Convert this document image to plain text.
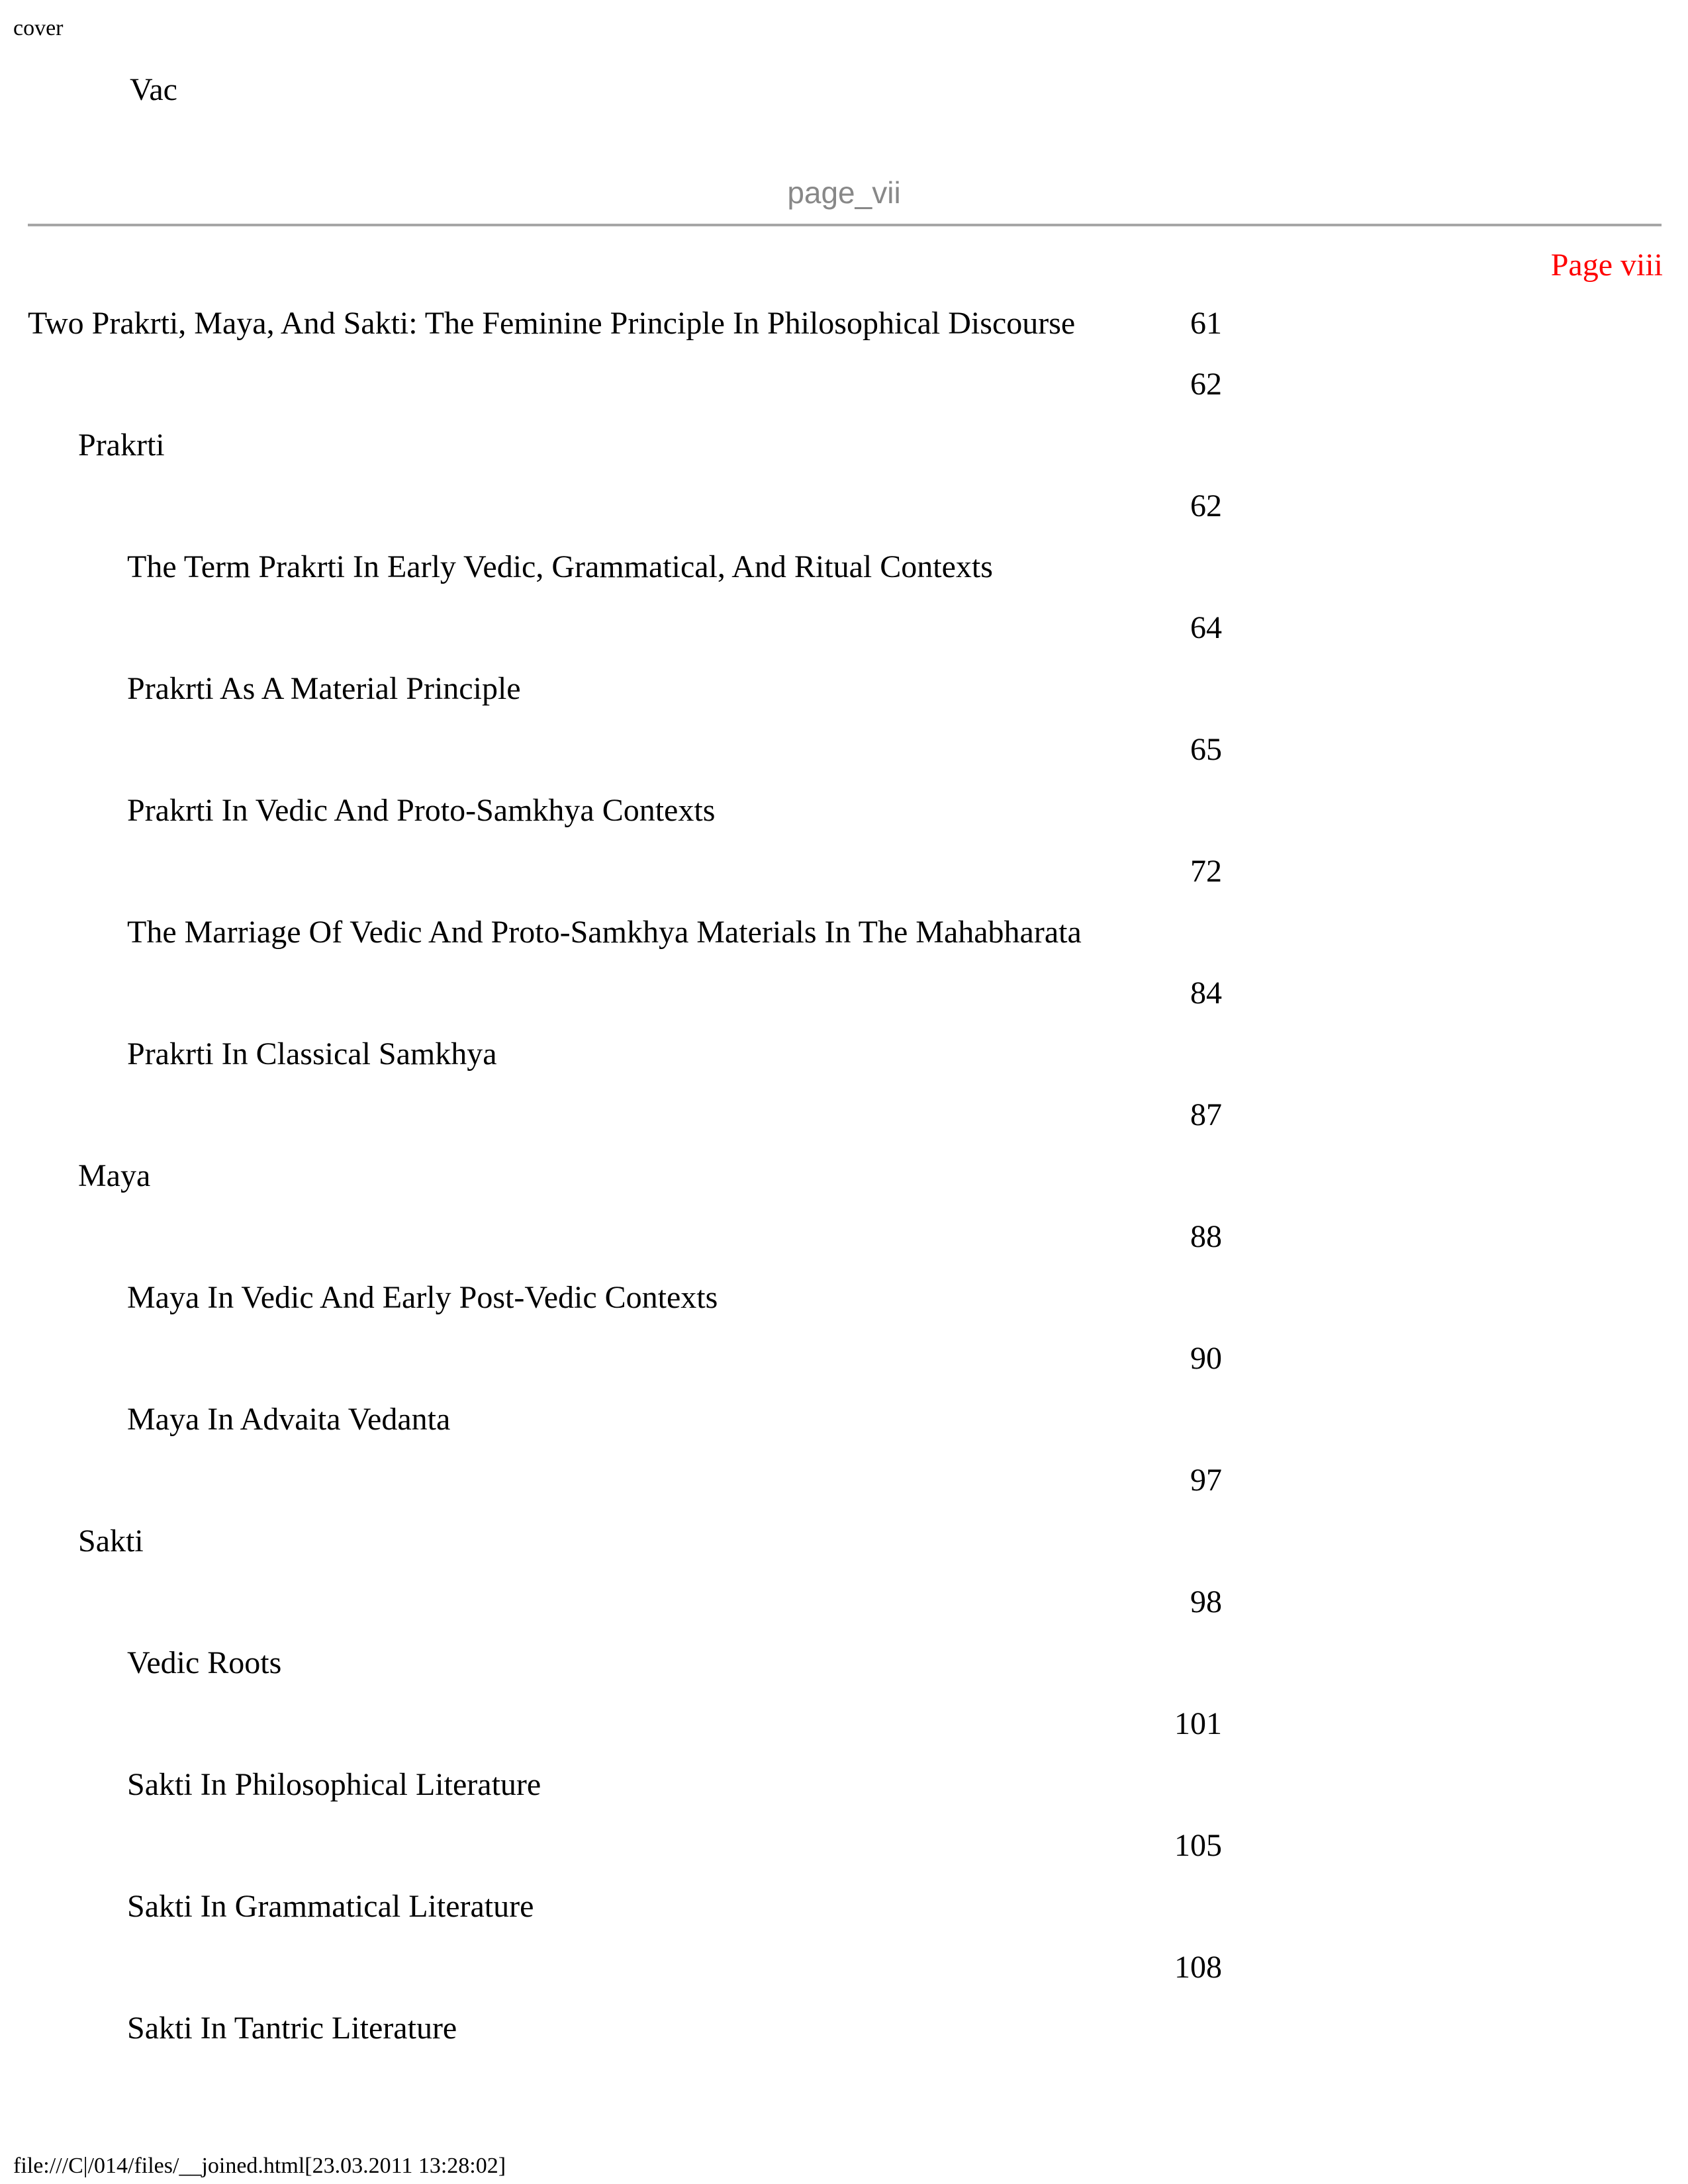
cover
Vac
page_vii
Page viii
Two Prakrti, Maya, And Sakti: The Feminine Principle In Philosophical Discourse	61
62
Prakrti
62
The Term Prakrti In Early Vedic, Grammatical, And Ritual Contexts
64
Prakrti As A Material Principle
65
Prakrti In Vedic And Proto-Samkhya Contexts
72
The Marriage Of Vedic And Proto-Samkhya Materials In The Mahabharata
84
Prakrti In Classical Samkhya
87
Maya
88
Maya In Vedic And Early Post-Vedic Contexts
90
Maya In Advaita Vedanta
97
Sakti
98
Vedic Roots
101
Sakti In Philosophical Literature
105
Sakti In Grammatical Literature
108
Sakti In Tantric Literature
file:///C|/014/files/__joined.html[23.03.2011 13:28:02]
